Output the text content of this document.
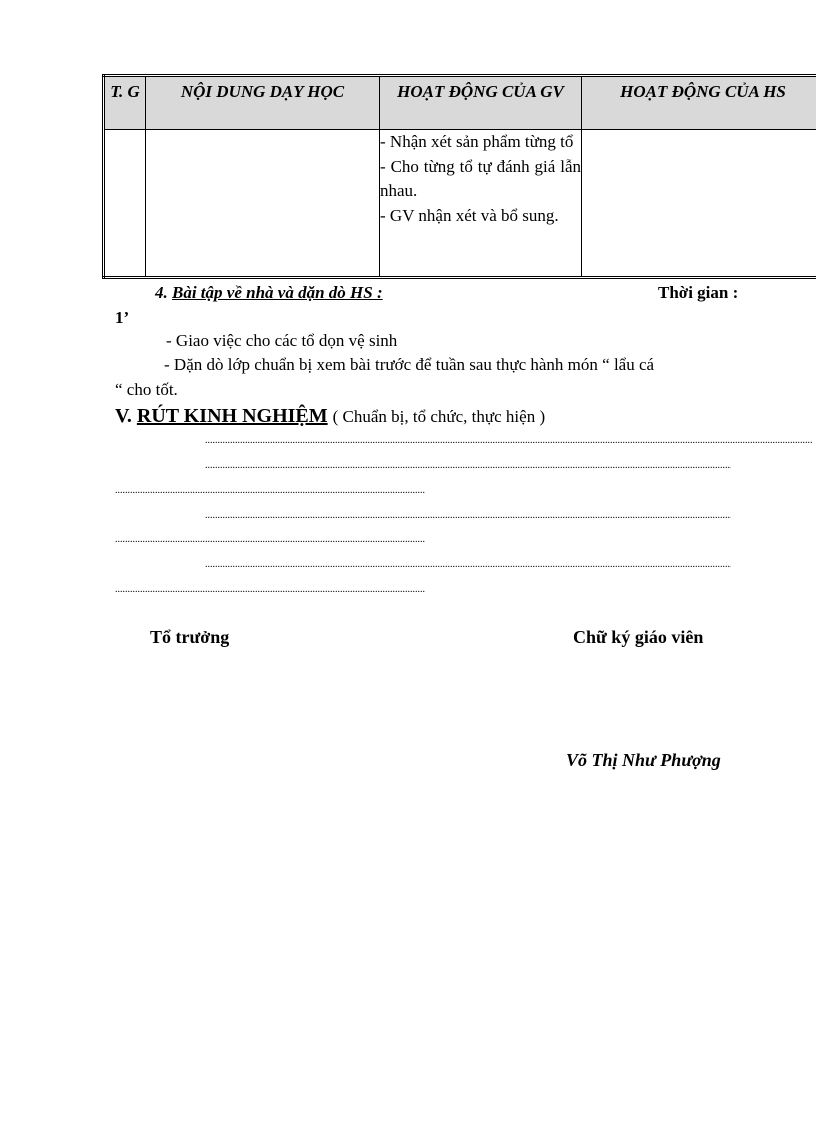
T. G	NỘI DUNG DẠY HỌC	HOẠT ĐỘNG CỦA GV	HOẠT ĐỘNG CỦA HS

		- Nhận xét sản phẩm từng tổ
- Cho từng tổ tự đánh giá lẫn nhau.
- GV nhận xét và bổ sung.	

4. Bài tập về nhà và dặn dò HS :	Thời gian :
1’
- Giao việc cho các tổ dọn vệ sinh
- Dặn dò lớp chuẩn bị xem bài trước để tuần sau thực hành món “ lẩu cá
“ cho tốt.
V. RÚT KINH NGHIỆM ( Chuẩn bị, tổ chức, thực hiện )
.....
.....
.....
.....
.....
.....
.....
Tổ trưởng	Chữ ký giáo viên
Võ Thị Như Phượng
